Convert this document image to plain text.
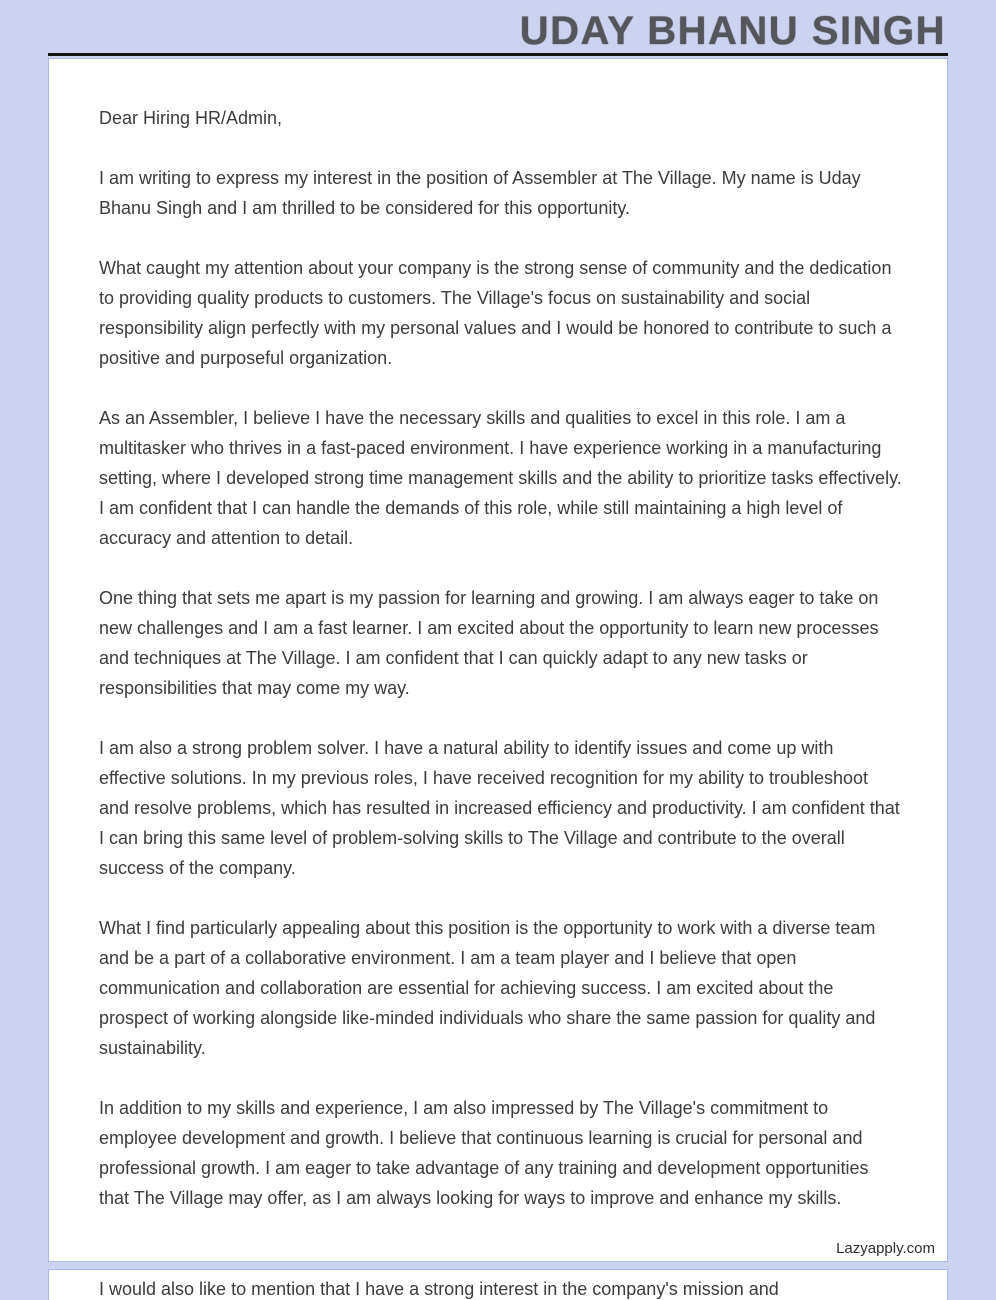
UDAY BHANU SINGH

Dear Hiring HR/Admin,

I am writing to express my interest in the position of Assembler at The Village. My name is Uday Bhanu Singh and I am thrilled to be considered for this opportunity.

What caught my attention about your company is the strong sense of community and the dedication to providing quality products to customers. The Village's focus on sustainability and social responsibility align perfectly with my personal values and I would be honored to contribute to such a positive and purposeful organization.

As an Assembler, I believe I have the necessary skills and qualities to excel in this role. I am a multitasker who thrives in a fast-paced environment. I have experience working in a manufacturing setting, where I developed strong time management skills and the ability to prioritize tasks effectively. I am confident that I can handle the demands of this role, while still maintaining a high level of accuracy and attention to detail.

One thing that sets me apart is my passion for learning and growing. I am always eager to take on new challenges and I am a fast learner. I am excited about the opportunity to learn new processes and techniques at The Village. I am confident that I can quickly adapt to any new tasks or responsibilities that may come my way.

I am also a strong problem solver. I have a natural ability to identify issues and come up with effective solutions. In my previous roles, I have received recognition for my ability to troubleshoot and resolve problems, which has resulted in increased efficiency and productivity. I am confident that I can bring this same level of problem-solving skills to The Village and contribute to the overall success of the company.

What I find particularly appealing about this position is the opportunity to work with a diverse team and be a part of a collaborative environment. I am a team player and I believe that open communication and collaboration are essential for achieving success. I am excited about the prospect of working alongside like-minded individuals who share the same passion for quality and sustainability.

In addition to my skills and experience, I am also impressed by The Village's commitment to employee development and growth. I believe that continuous learning is crucial for personal and professional growth. I am eager to take advantage of any training and development opportunities that The Village may offer, as I am always looking for ways to improve and enhance my skills.

Lazyapply.com

I would also like to mention that I have a strong interest in the company's mission and
